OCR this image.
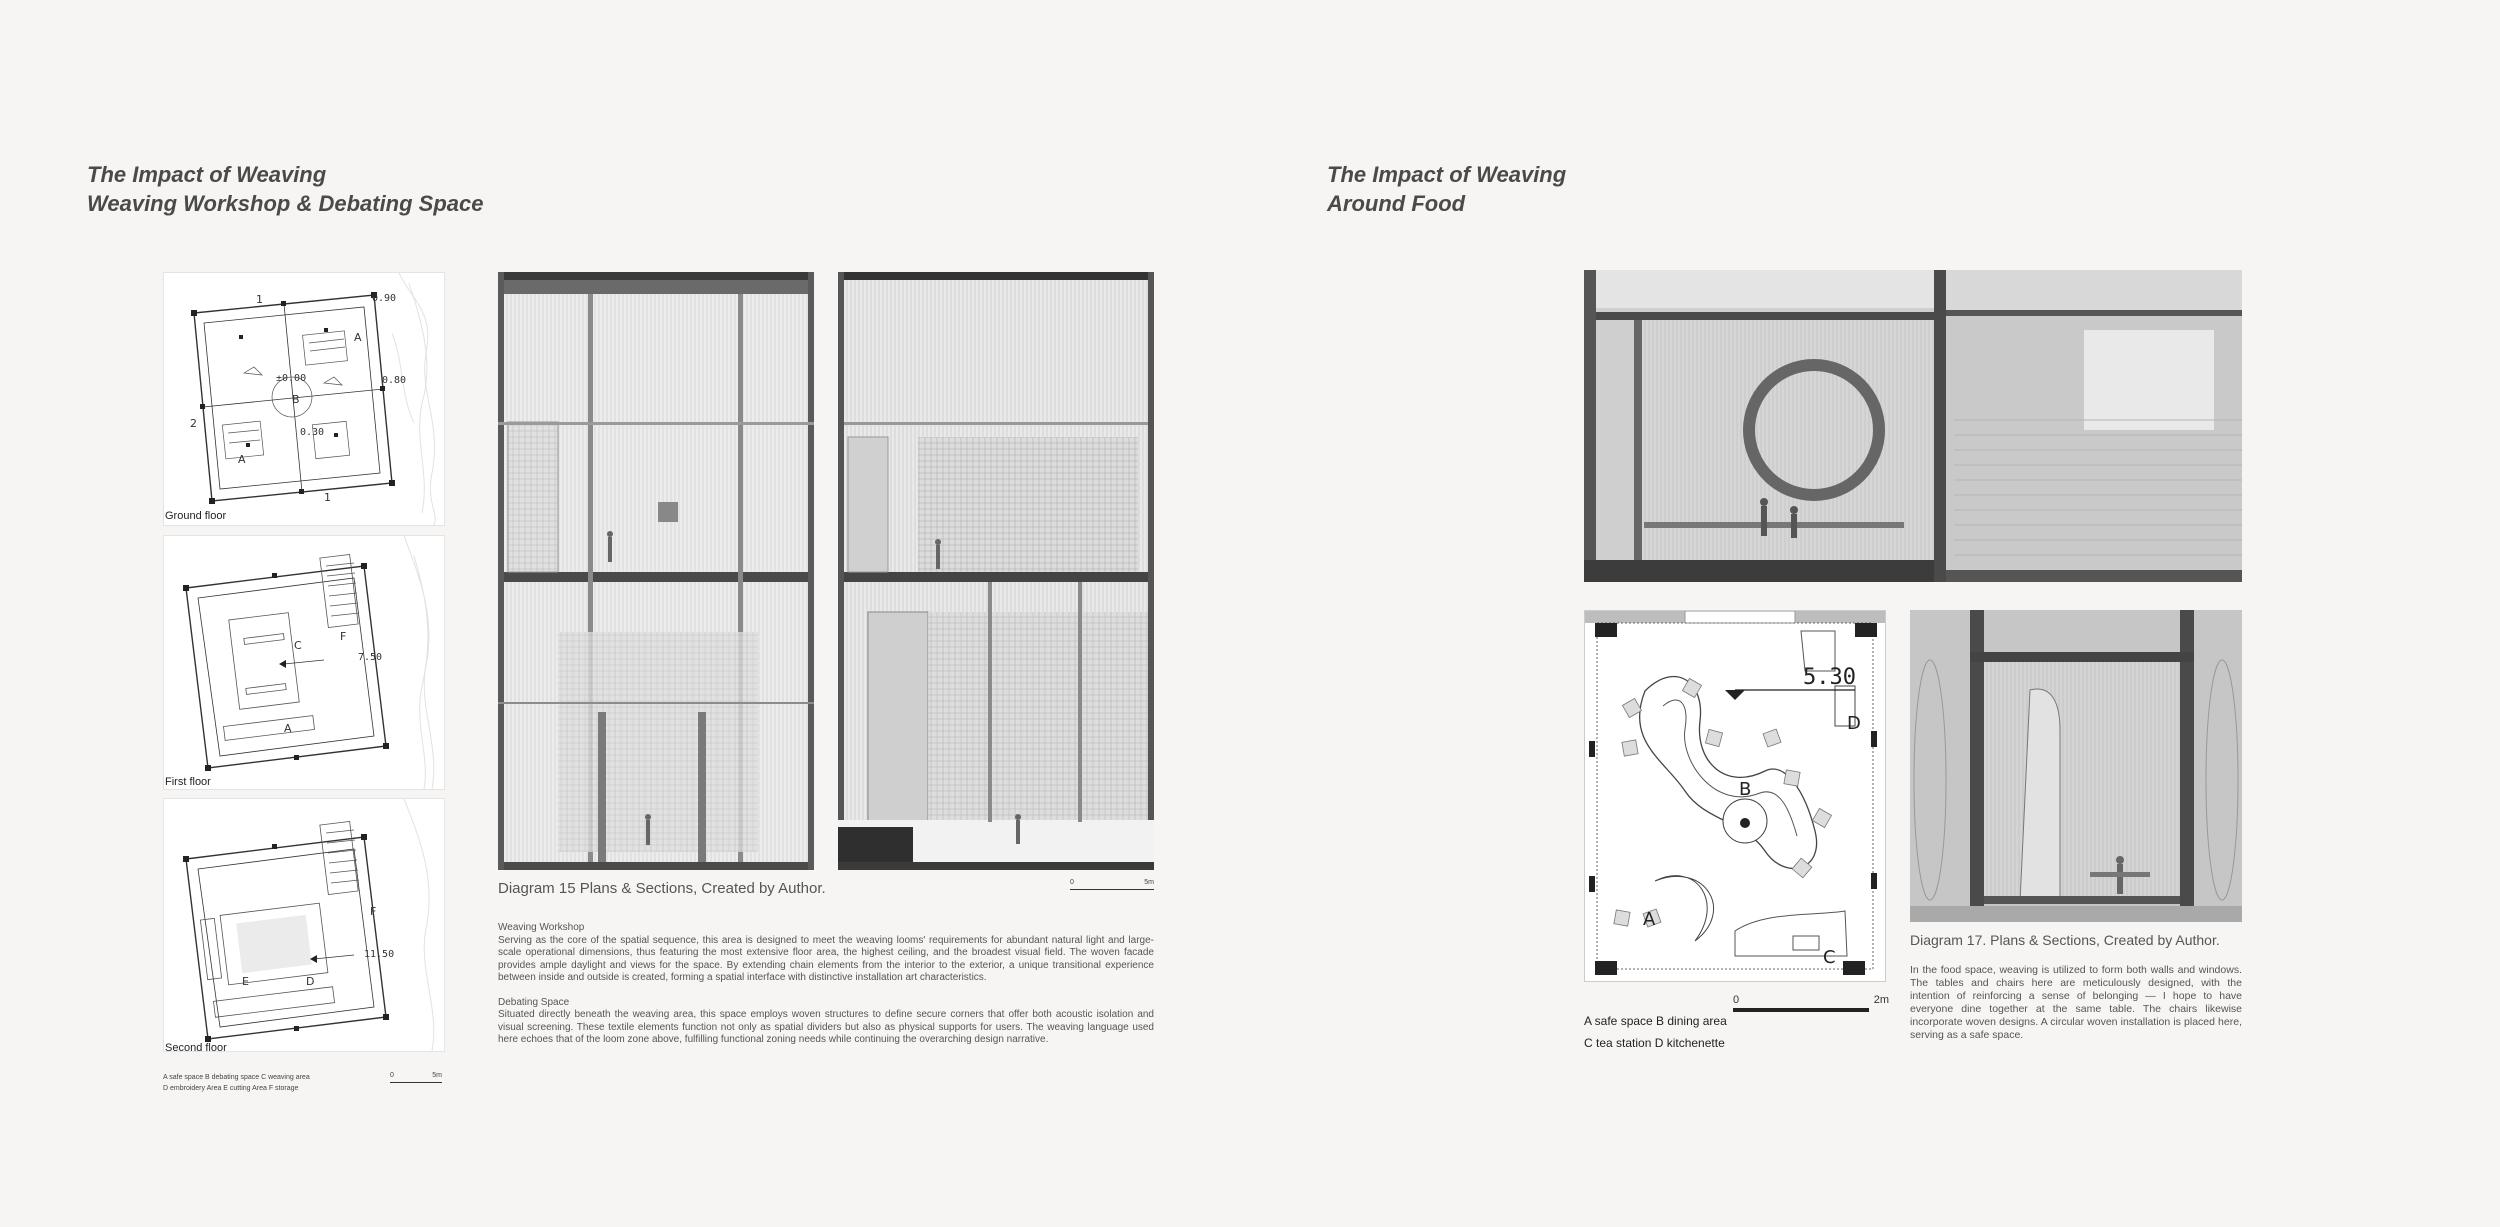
The Impact of Weaving
Weaving Workshop & Debating Space
0.90
±0.00	0.80
0.30
A
B
A
1
2
1
Ground floor
C
F
A
7.50
First floor
F
E	D
11.50
Second floor
A safe space B debating space C weaving area
D embroidery Area E cutting Area F storage
0	5m
0	5m
Diagram 15 Plans & Sections, Created by Author.
Weaving Workshop
Serving as the core of the spatial sequence, this area is designed to meet the weaving looms' requirements for abundant natural light and large-scale operational dimensions, thus featuring the most extensive floor area, the highest ceiling, and the broadest visual field. The woven facade provides ample daylight and views for the space. By extending chain elements from the interior to the exterior, a unique transitional experience between inside and outside is created, forming a spatial interface with distinctive installation art characteristics.
Debating Space
Situated directly beneath the weaving area, this space employs woven structures to define secure corners that offer both acoustic isolation and visual screening. These textile elements function not only as spatial dividers but also as physical supports for users. The weaving language used here echoes that of the loom zone above, fulfilling functional zoning needs while continuing the overarching design narrative.
The Impact of Weaving
Around Food
5.30
D
B
A
C
0	2m
A safe space B dining area
C tea station D kitchenette
Diagram 17. Plans & Sections, Created by Author.
In the food space, weaving is utilized to form both walls and windows. The tables and chairs here are meticulously designed, with the intention of reinforcing a sense of belonging — I hope to have everyone dine together at the same table. The chairs likewise incorporate woven designs. A circular woven installation is placed here, serving as a safe space.
